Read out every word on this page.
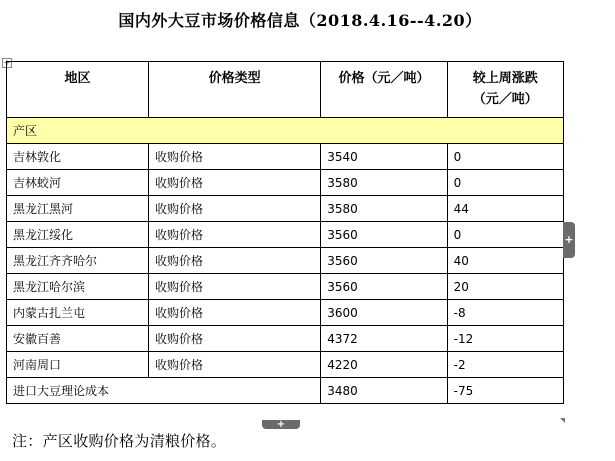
国内外大豆市场价格信息（2018.4.16--4.20）
+
地区	价格类型	价格（元／吨）	较上周涨跌（元／吨）
产区			
吉林敦化	收购价格	3540	0
吉林蛟河	收购价格	3580	0
黑龙江黑河	收购价格	3580	44
黑龙江绥化	收购价格	3560	0
黑龙江齐齐哈尔	收购价格	3560	40
黑龙江哈尔滨	收购价格	3560	20
内蒙古扎兰屯	收购价格	3600	-8
安徽百善	收购价格	4372	-12
河南周口	收购价格	4220	-2
进口大豆理论成本		3480	-75
+
+
注：产区收购价格为清粮价格。
